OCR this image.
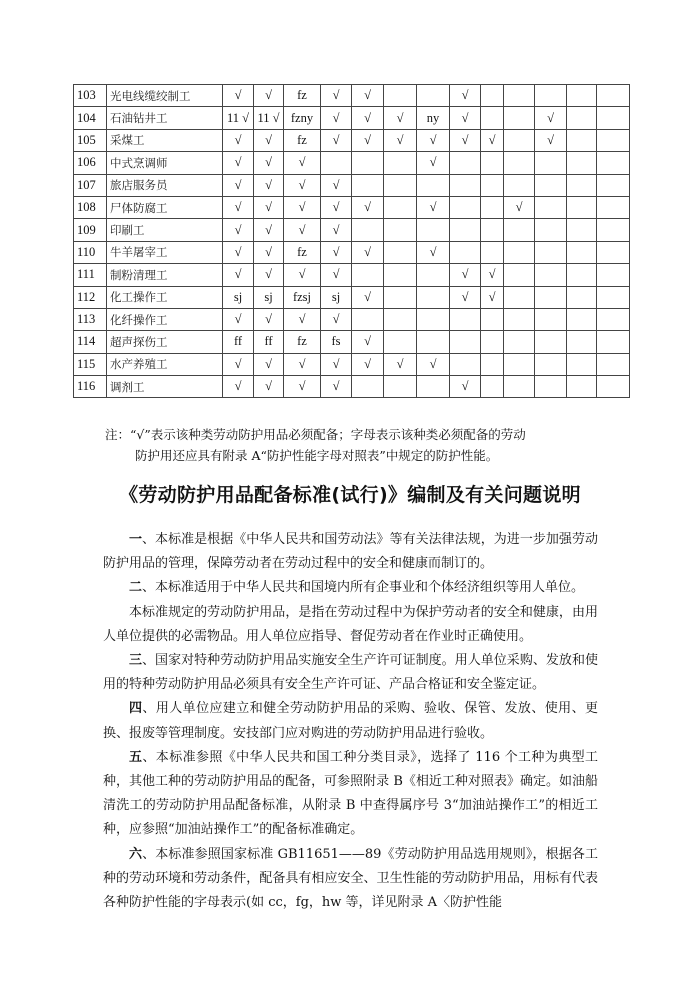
103	光电线缆绞制工	√	√	fz	√	√			√					
104	石油钻井工	11 √	11 √	fzny	√	√	√	ny	√			√		
105	采煤工	√	√	fz	√	√	√	√	√	√		√		
106	中式烹调师	√	√	√				√						
107	旅店服务员	√	√	√	√									
108	尸体防腐工	√	√	√	√	√		√			√			
109	印刷工	√	√	√	√									
110	牛羊屠宰工	√	√	fz	√	√		√						
111	制粉清理工	√	√	√	√				√	√				
112	化工操作工	sj	sj	fzsj	sj	√			√	√				
113	化纤操作工	√	√	√	√									
114	超声探伤工	ff	ff	fz	fs	√								
115	水产养殖工	√	√	√	√	√	√	√						
116	调剂工	√	√	√	√				√					
注：“√”表示该种类劳动防护用品必须配备；字母表示该种类必须配备的劳动
防护用还应具有附录 A“防护性能字母对照表”中规定的防护性能。
《劳动防护用品配备标准(试行)》编制及有关问题说明

一、本标准是根据《中华人民共和国劳动法》等有关法律法规，为进一步加强劳动防护用品的管理，保障劳动者在劳动过程中的安全和健康而制订的。

二、本标准适用于中华人民共和国境内所有企事业和个体经济组织等用人单位。

本标准规定的劳动防护用品，是指在劳动过程中为保护劳动者的安全和健康，由用人单位提供的必需物品。用人单位应指导、督促劳动者在作业时正确使用。

三、国家对特种劳动防护用品实施安全生产许可证制度。用人单位采购、发放和使用的特种劳动防护用品必须具有安全生产许可证、产品合格证和安全鉴定证。

四、用人单位应建立和健全劳动防护用品的采购、验收、保管、发放、使用、更换、报废等管理制度。安技部门应对购进的劳动防护用品进行验收。

五、本标准参照《中华人民共和国工种分类目录》，选择了 116 个工种为典型工种，其他工种的劳动防护用品的配备，可参照附录 B《相近工种对照表》确定。如油船清洗工的劳动防护用品配备标准，从附录 B 中查得属序号 3“加油站操作工”的相近工种，应参照“加油站操作工”的配备标准确定。

六、本标准参照国家标准 GB11651——89《劳动防护用品选用规则》，根据各工种的劳动环境和劳动条件，配备具有相应安全、卫生性能的劳动防护用品，用标有代表各种防护性能的字母表示(如 cc，fg，hw 等，详见附录 A〈防护性能
